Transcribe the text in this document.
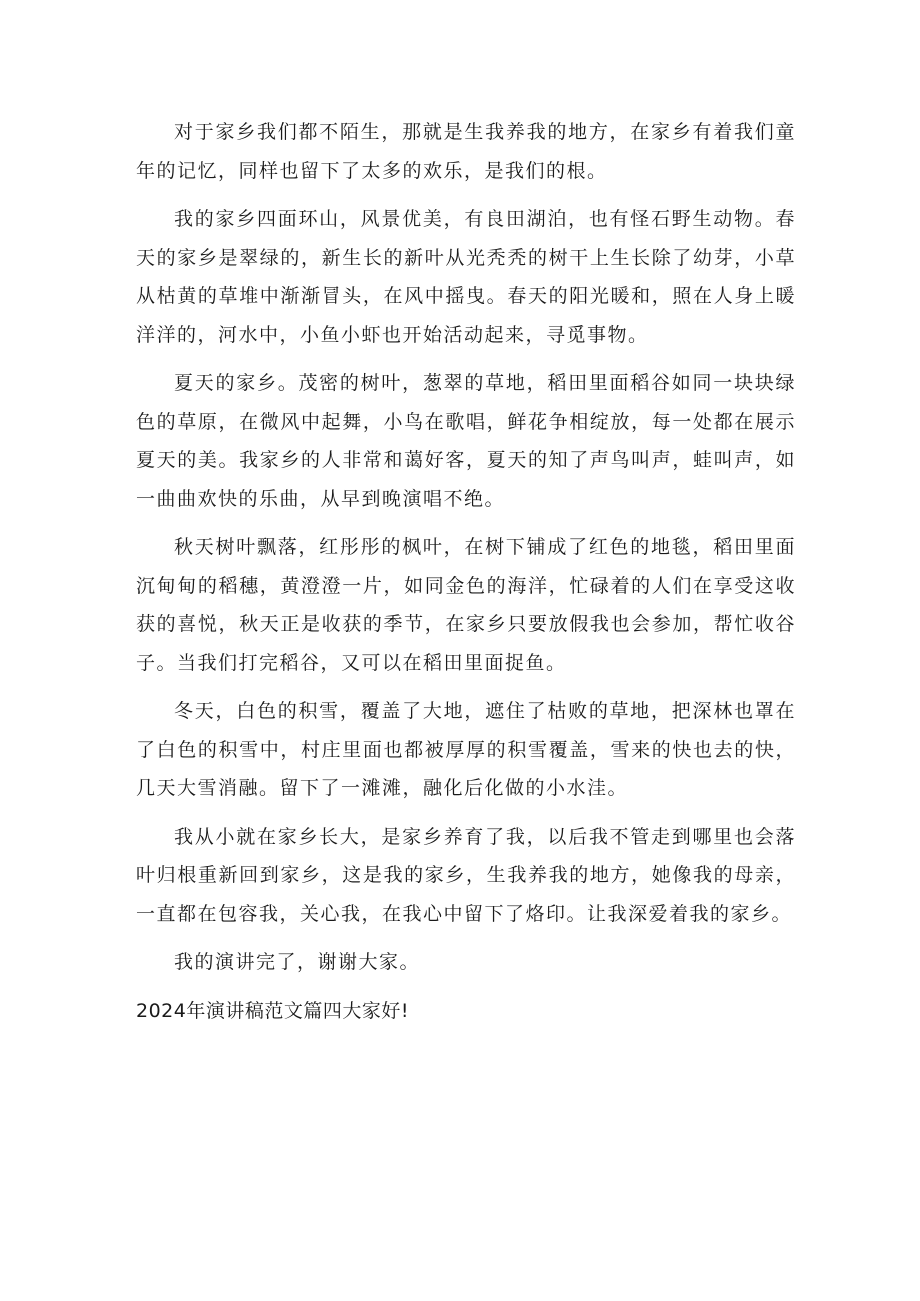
对于家乡我们都不陌生，那就是生我养我的地方，在家乡有着我们童年的记忆，同样也留下了太多的欢乐，是我们的根。

我的家乡四面环山，风景优美，有良田湖泊，也有怪石野生动物。春天的家乡是翠绿的，新生长的新叶从光秃秃的树干上生长除了幼芽，小草从枯黄的草堆中渐渐冒头，在风中摇曳。春天的阳光暖和，照在人身上暖洋洋的，河水中，小鱼小虾也开始活动起来，寻觅事物。

夏天的家乡。茂密的树叶，葱翠的草地，稻田里面稻谷如同一块块绿色的草原，在微风中起舞，小鸟在歌唱，鲜花争相绽放，每一处都在展示夏天的美。我家乡的人非常和蔼好客，夏天的知了声鸟叫声，蛙叫声，如一曲曲欢快的乐曲，从早到晚演唱不绝。

秋天树叶飘落，红彤彤的枫叶，在树下铺成了红色的地毯，稻田里面沉甸甸的稻穗，黄澄澄一片，如同金色的海洋，忙碌着的人们在享受这收获的喜悦，秋天正是收获的季节，在家乡只要放假我也会参加，帮忙收谷子。当我们打完稻谷，又可以在稻田里面捉鱼。

冬天，白色的积雪，覆盖了大地，遮住了枯败的草地，把深林也罩在了白色的积雪中，村庄里面也都被厚厚的积雪覆盖，雪来的快也去的快，几天大雪消融。留下了一滩滩，融化后化做的小水洼。

我从小就在家乡长大，是家乡养育了我，以后我不管走到哪里也会落叶归根重新回到家乡，这是我的家乡，生我养我的地方，她像我的母亲，一直都在包容我，关心我，在我心中留下了烙印。让我深爱着我的家乡。

我的演讲完了，谢谢大家。

2024年演讲稿范文篇四大家好!
